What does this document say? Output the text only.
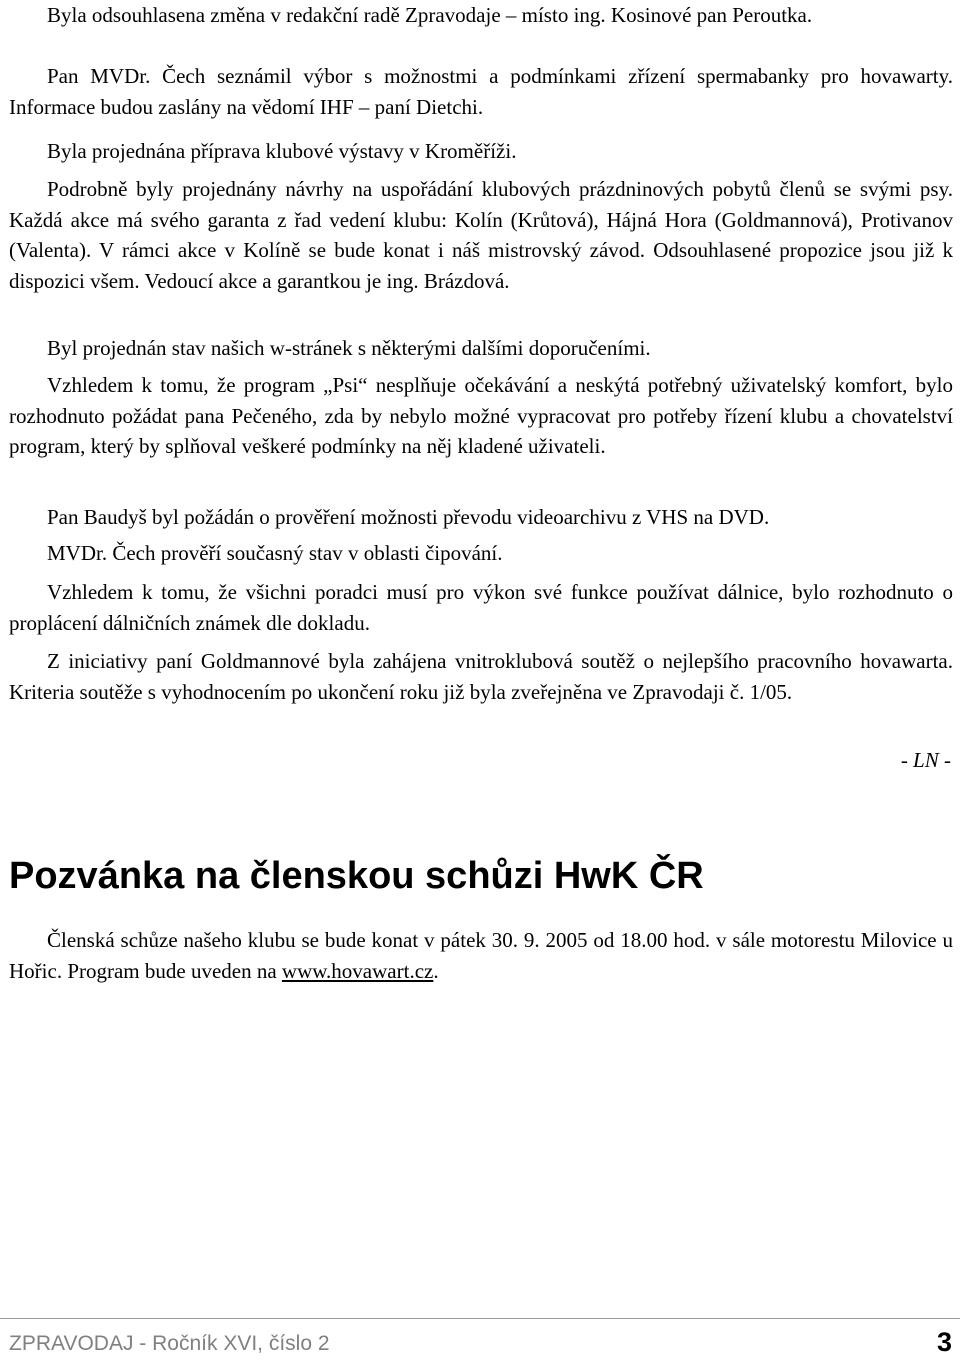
Byla odsouhlasena změna v redakční radě Zpravodaje – místo ing. Kosinové pan Peroutka.

Pan MVDr. Čech seznámil výbor s možnostmi a podmínkami zřízení spermabanky pro hovawarty. Informace budou zaslány na vědomí IHF – paní Dietchi.

Byla projednána příprava klubové výstavy v Kroměříži.

Podrobně byly projednány návrhy na uspořádání klubových prázdninových pobytů členů se svými psy. Každá akce má svého garanta z řad vedení klubu: Kolín (Krůtová), Hájná Hora (Goldmannová), Protivanov (Valenta). V rámci akce v Kolíně se bude konat i náš mistrovský závod. Odsouhlasené propozice jsou již k dispozici všem. Vedoucí akce a garantkou je ing. Brázdová.

Byl projednán stav našich w-stránek s některými dalšími doporučeními.

Vzhledem k tomu, že program „Psi“ nesplňuje očekávání a neskýtá potřebný uživatelský komfort, bylo rozhodnuto požádat pana Pečeného, zda by nebylo možné vypracovat pro potřeby řízení klubu a chovatelství program, který by splňoval veškeré podmínky na něj kladené uživateli.

Pan Baudyš byl požádán o prověření možnosti převodu videoarchivu z VHS na DVD.

MVDr. Čech prověří současný stav v oblasti čipování.

Vzhledem k tomu, že všichni poradci musí pro výkon své funkce používat dálnice, bylo rozhodnuto o proplácení dálničních známek dle dokladu.

Z iniciativy paní Goldmannové byla zahájena vnitroklubová soutěž o nejlepšího pracovního hovawarta. Kriteria soutěže s vyhodnocením po ukončení roku již byla zveřejněna ve Zpravodaji č. 1/05.

- LN -
Pozvánka na členskou schůzi HwK ČR

Členská schůze našeho klubu se bude konat v pátek 30. 9. 2005 od 18.00 hod. v sále motorestu Milovice u Hořic. Program bude uveden na www.hovawart.cz.

ZPRAVODAJ - Ročník XVI, číslo 2	3
